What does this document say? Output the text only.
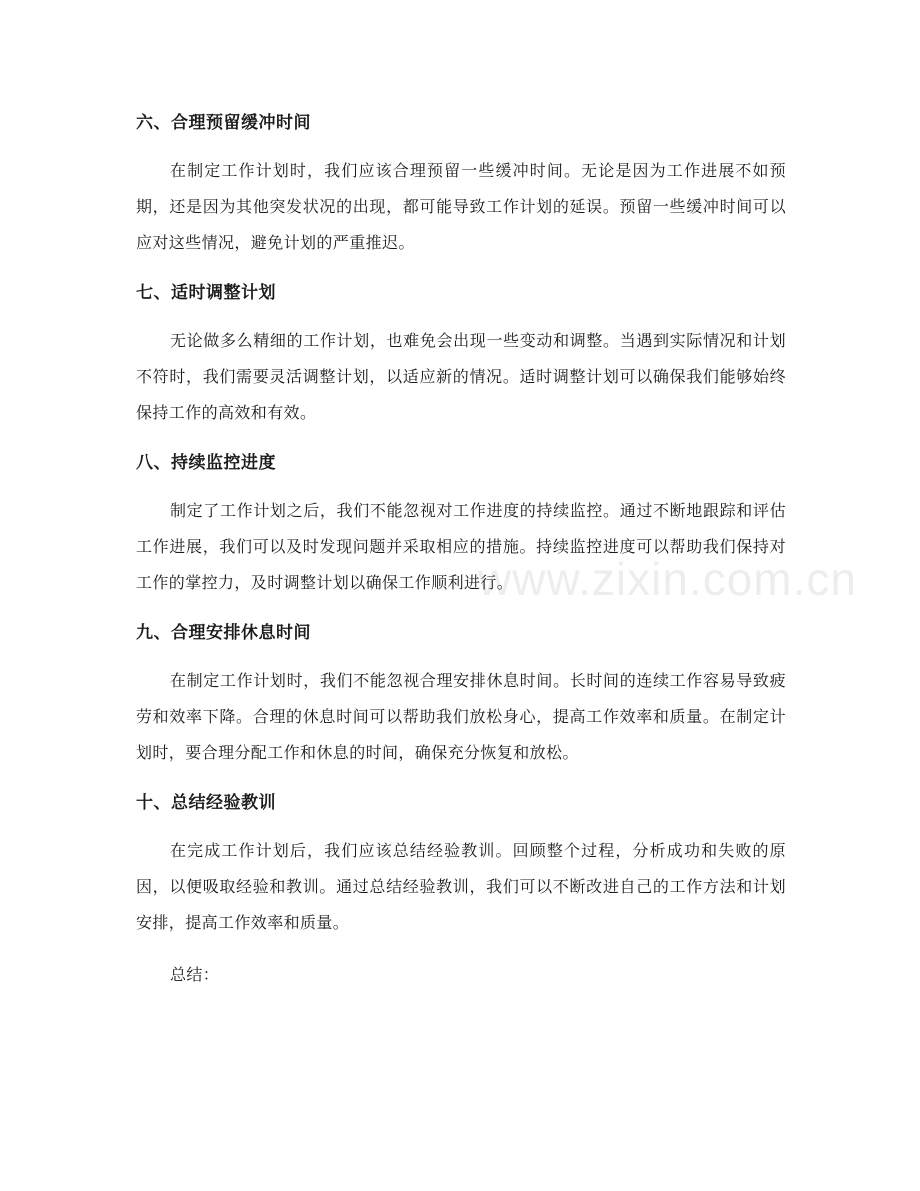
www.zixin.com.cn
六、合理预留缓冲时间

在制定工作计划时，我们应该合理预留一些缓冲时间。无论是因为工作进展不如预期，还是因为其他突发状况的出现，都可能导致工作计划的延误。预留一些缓冲时间可以应对这些情况，避免计划的严重推迟。

七、适时调整计划

无论做多么精细的工作计划，也难免会出现一些变动和调整。当遇到实际情况和计划不符时，我们需要灵活调整计划，以适应新的情况。适时调整计划可以确保我们能够始终保持工作的高效和有效。

八、持续监控进度

制定了工作计划之后，我们不能忽视对工作进度的持续监控。通过不断地跟踪和评估工作进展，我们可以及时发现问题并采取相应的措施。持续监控进度可以帮助我们保持对工作的掌控力，及时调整计划以确保工作顺利进行。

九、合理安排休息时间

在制定工作计划时，我们不能忽视合理安排休息时间。长时间的连续工作容易导致疲劳和效率下降。合理的休息时间可以帮助我们放松身心，提高工作效率和质量。在制定计划时，要合理分配工作和休息的时间，确保充分恢复和放松。

十、总结经验教训

在完成工作计划后，我们应该总结经验教训。回顾整个过程，分析成功和失败的原因，以便吸取经验和教训。通过总结经验教训，我们可以不断改进自己的工作方法和计划安排，提高工作效率和质量。

总结：
